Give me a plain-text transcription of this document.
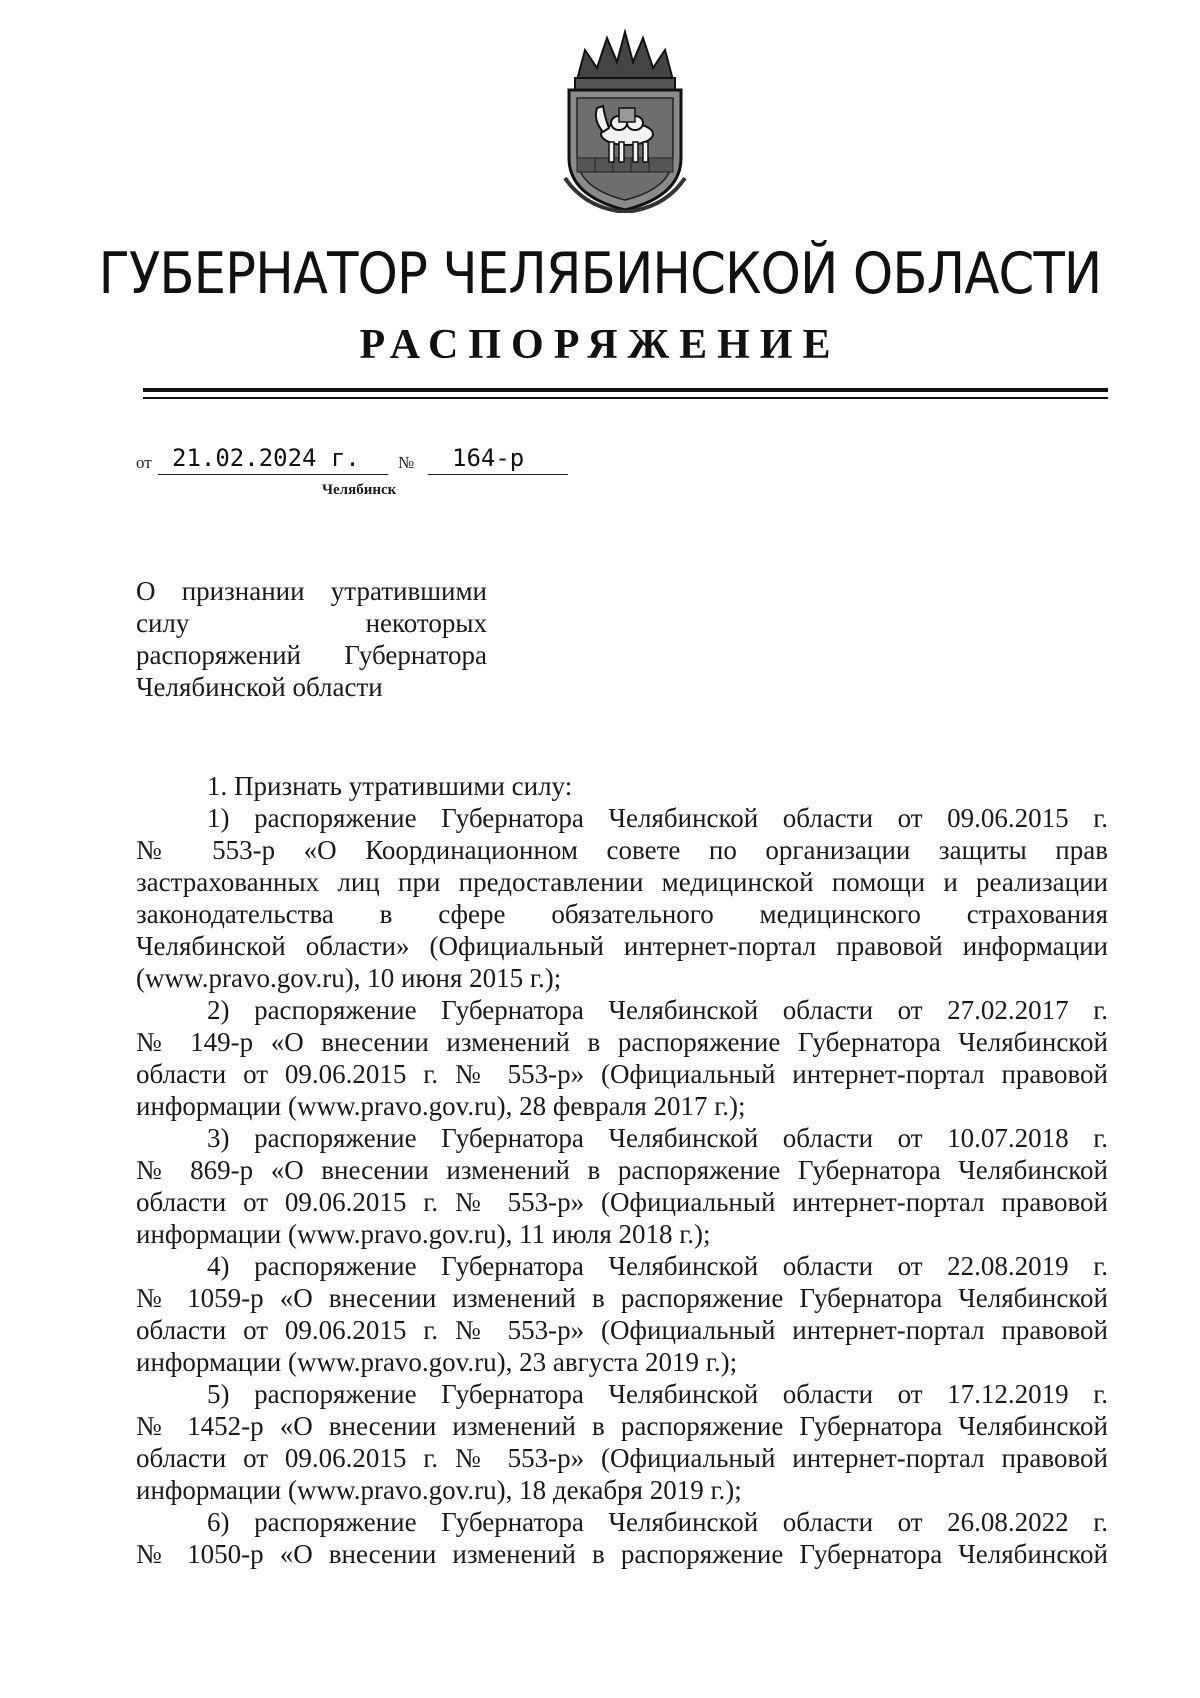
ГУБЕРНАТОР ЧЕЛЯБИНСКОЙ ОБЛАСТИ
РАСПОРЯЖЕНИЕ
от 21.02.2024 г. № 164-р
Челябинск
О признании утратившими
силу некоторых
распоряжений Губернатора
Челябинской области
1. Признать утратившими силу:
1) распоряжение Губернатора Челябинской области от 09.06.2015 г.
№ 553-р «О Координационном совете по организации защиты прав
застрахованных лиц при предоставлении медицинской помощи и реализации
законодательства в сфере обязательного медицинского страхования
Челябинской области» (Официальный интернет-портал правовой информации
(www.pravo.gov.ru), 10 июня 2015 г.);
2) распоряжение Губернатора Челябинской области от 27.02.2017 г.
№ 149-р «О внесении изменений в распоряжение Губернатора Челябинской
области от 09.06.2015 г. № 553-р» (Официальный интернет-портал правовой
информации (www.pravo.gov.ru), 28 февраля 2017 г.);
3) распоряжение Губернатора Челябинской области от 10.07.2018 г.
№ 869-р «О внесении изменений в распоряжение Губернатора Челябинской
области от 09.06.2015 г. № 553-р» (Официальный интернет-портал правовой
информации (www.pravo.gov.ru), 11 июля 2018 г.);
4) распоряжение Губернатора Челябинской области от 22.08.2019 г.
№ 1059-р «О внесении изменений в распоряжение Губернатора Челябинской
области от 09.06.2015 г. № 553-р» (Официальный интернет-портал правовой
информации (www.pravo.gov.ru), 23 августа 2019 г.);
5) распоряжение Губернатора Челябинской области от 17.12.2019 г.
№ 1452-р «О внесении изменений в распоряжение Губернатора Челябинской
области от 09.06.2015 г. № 553-р» (Официальный интернет-портал правовой
информации (www.pravo.gov.ru), 18 декабря 2019 г.);
6) распоряжение Губернатора Челябинской области от 26.08.2022 г.
№ 1050-р «О внесении изменений в распоряжение Губернатора Челябинской
